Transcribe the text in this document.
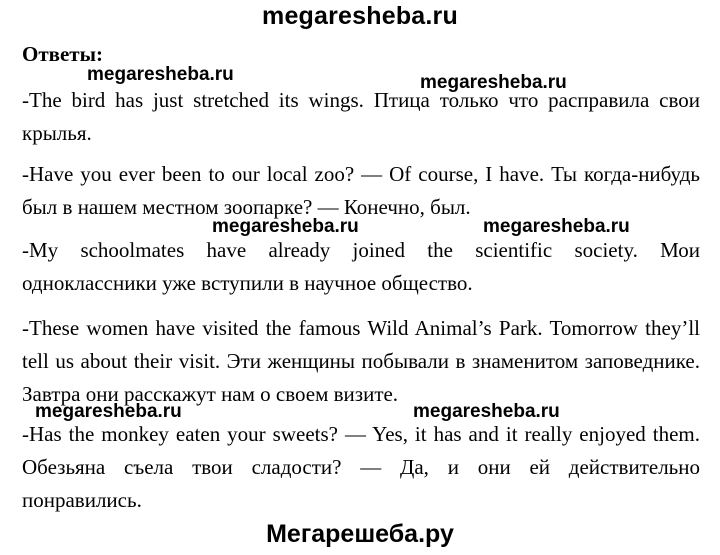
megaresheba.ru
Ответы:
megaresheba.ru	megaresheba.ru
-The bird has just stretched its wings. Птица только что расправила свои крылья.
-Have you ever been to our local zoo? — Of course, I have. Ты когда-нибудь был в нашем местном зоопарке? — Конечно, был.
megaresheba.ru	megaresheba.ru
-My schoolmates have already joined the scientific society. Мои одноклассники уже вступили в научное общество.
-These women have visited the famous Wild Animal’s Park. Tomorrow they’ll tell us about their visit. Эти женщины побывали в знаменитом заповеднике. Завтра они расскажут нам о своем визите.
megaresheba.ru	megaresheba.ru
-Has the monkey eaten your sweets? — Yes, it has and it really enjoyed them. Обезьяна съела твои сладости? — Да, и они ей действительно понравились.
Мегарешеба.ру
